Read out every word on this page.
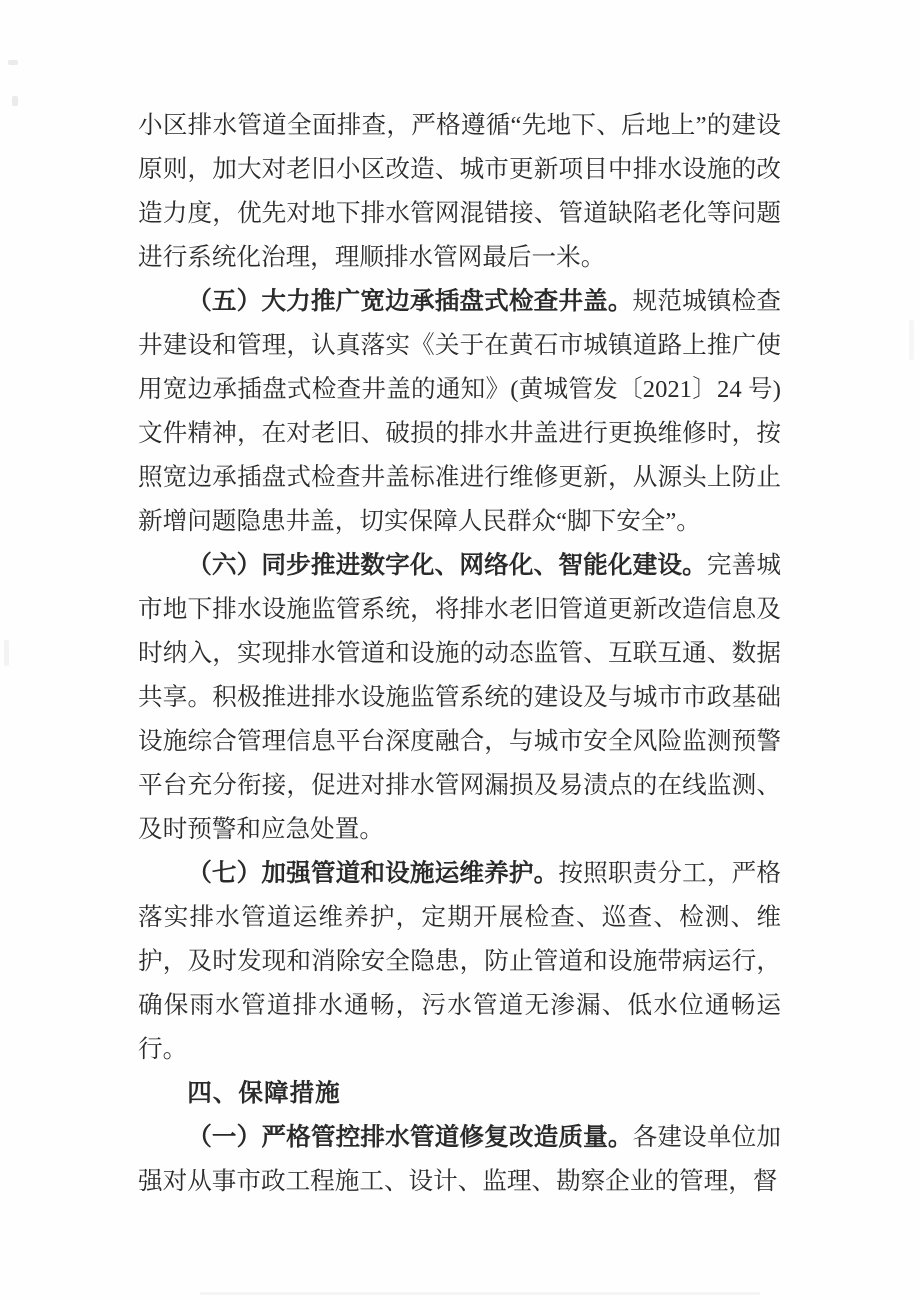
小区排水管道全面排查，严格遵循“先地下、后地上”的建设原则，加大对老旧小区改造、城市更新项目中排水设施的改造力度，优先对地下排水管网混错接、管道缺陷老化等问题进行系统化治理，理顺排水管网最后一米。

（五）大力推广宽边承插盘式检查井盖。规范城镇检查井建设和管理，认真落实《关于在黄石市城镇道路上推广使用宽边承插盘式检查井盖的通知》(黄城管发〔2021〕24 号)文件精神，在对老旧、破损的排水井盖进行更换维修时，按照宽边承插盘式检查井盖标准进行维修更新，从源头上防止新增问题隐患井盖，切实保障人民群众“脚下安全”。

（六）同步推进数字化、网络化、智能化建设。完善城市地下排水设施监管系统，将排水老旧管道更新改造信息及时纳入，实现排水管道和设施的动态监管、互联互通、数据共享。积极推进排水设施监管系统的建设及与城市市政基础设施综合管理信息平台深度融合，与城市安全风险监测预警平台充分衔接，促进对排水管网漏损及易渍点的在线监测、及时预警和应急处置。

（七）加强管道和设施运维养护。按照职责分工，严格落实排水管道运维养护，定期开展检查、巡查、检测、维护，及时发现和消除安全隐患，防止管道和设施带病运行，确保雨水管道排水通畅，污水管道无渗漏、低水位通畅运行。

四、保障措施

（一）严格管控排水管道修复改造质量。各建设单位加强对从事市政工程施工、设计、监理、勘察企业的管理，督
